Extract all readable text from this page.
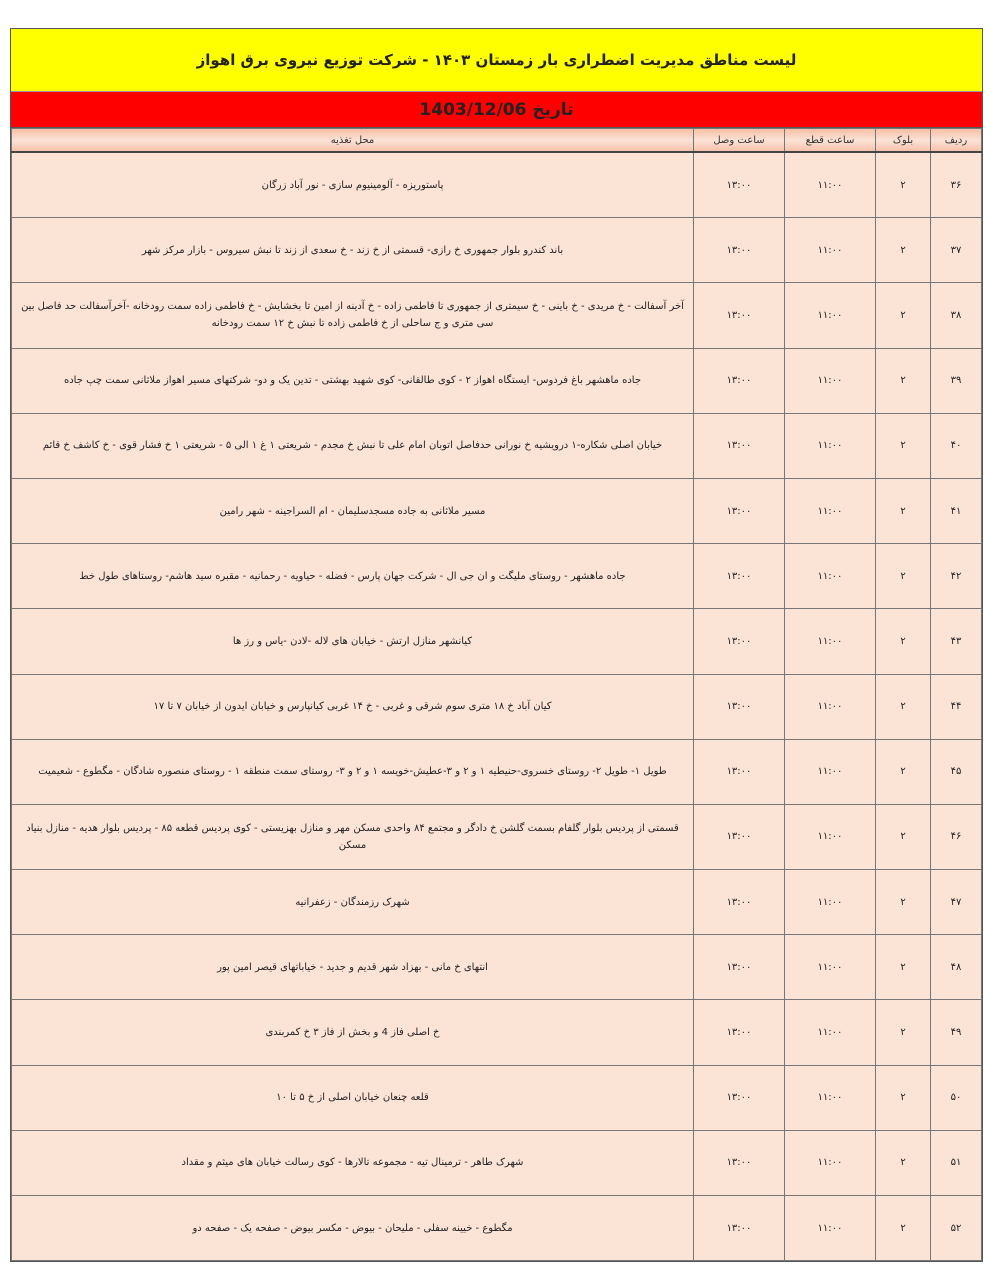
لیست مناطق مدیریت اضطراری بار زمستان ۱۴۰۳ - شرکت توزیع نیروی برق اهواز
تاریخ 1403/12/06
ردیف	بلوک	ساعت قطع	ساعت وصل	محل تغذیه
۳۶	۲	۱۱:۰۰	۱۳:۰۰	پاستوریزه - آلومینیوم سازی - نور آباد زرگان
۳۷	۲	۱۱:۰۰	۱۳:۰۰	باند کندرو بلوار جمهوری خ رازی- قسمتی از خ زند - خ سعدی از زند تا نبش سیروس - بازار مرکز شهر
۳۸	۲	۱۱:۰۰	۱۳:۰۰	آخر آسفالت - خ مریدی - خ باینی - خ سیمتری از جمهوری تا فاطمی زاده - خ آدینه از امین تا بخشایش - خ فاطمی زاده سمت رودخانه -آخرآسفالت حد فاصل بین سی متری و ج ساحلی از خ فاطمی زاده تا نبش خ ۱۲ سمت رودخانه
۳۹	۲	۱۱:۰۰	۱۳:۰۰	جاده ماهشهر باغ فردوس- ایستگاه اهواز ۲ - کوی طالقانی- کوی شهید بهشتی - تدین یک و دو- شرکتهای مسیر اهواز ملاثانی سمت چپ جاده
۴۰	۲	۱۱:۰۰	۱۳:۰۰	خیابان اصلی شکاره-۱ درویشیه خ نورانی حدفاصل اتوبان امام علی تا نبش خ مجدم - شریعتی ۱ غ ۱ الی ۵ - شریعتی ۱ خ فشار قوی - خ کاشف خ قائم
۴۱	۲	۱۱:۰۰	۱۳:۰۰	مسیر ملاثانی به جاده مسجدسلیمان - ام السراجینه - شهر رامین
۴۲	۲	۱۱:۰۰	۱۳:۰۰	جاده ماهشهر - روستای ملیگت و ان جی ال - شرکت جهان پارس - فضله - حیاویه - رحمانیه - مقبره سید هاشم- روستاهای طول خط
۴۳	۲	۱۱:۰۰	۱۳:۰۰	کیانشهر منازل ارتش - خیابان های لاله -لادن -یاس و رز ها
۴۴	۲	۱۱:۰۰	۱۳:۰۰	کیان آباد خ ۱۸ متری سوم شرقی و غربی - خ ۱۴ غربی کیانپارس و خیابان ایدون از خیابان ۷ تا ۱۷
۴۵	۲	۱۱:۰۰	۱۳:۰۰	طویل ۱- طویل ۲- روستای خسروی-حنیطیه ۱ و ۲ و ۳-عطیش-خویسه ۱ و ۲ و ۳- روستای سمت منطقه ۱ - روستای منصوره شادگان - مگطوع - شعیمیت
۴۶	۲	۱۱:۰۰	۱۳:۰۰	قسمتی از پردیس بلوار گلفام بسمت گلشن خ دادگر و مجتمع ۸۴ واحدی مسکن مهر و منازل بهزیستی - کوی پردیس قطعه ۸۵ - پردیس بلوار هدیه - منازل بنیاد مسکن
۴۷	۲	۱۱:۰۰	۱۳:۰۰	شهرک رزمندگان - زعفرانیه
۴۸	۲	۱۱:۰۰	۱۳:۰۰	انتهای خ مانی - بهزاد شهر قدیم و جدید - خیاباتهای قیصر امین پور
۴۹	۲	۱۱:۰۰	۱۳:۰۰	خ اصلی فاز 4 و بخش از فاز ۳ خ کمربندی
۵۰	۲	۱۱:۰۰	۱۳:۰۰	قلعه چنعان خیابان اصلی از خ ۵ تا ۱۰
۵۱	۲	۱۱:۰۰	۱۳:۰۰	شهرک طاهر - ترمینال تیه - مجموعه تالارها - کوی رسالت خیابان های میثم و مقداد
۵۲	۲	۱۱:۰۰	۱۳:۰۰	مگطوع - خیینه سفلی - ملیحان - بیوض - مکسر بیوض - صفحه یک - صفحه دو
